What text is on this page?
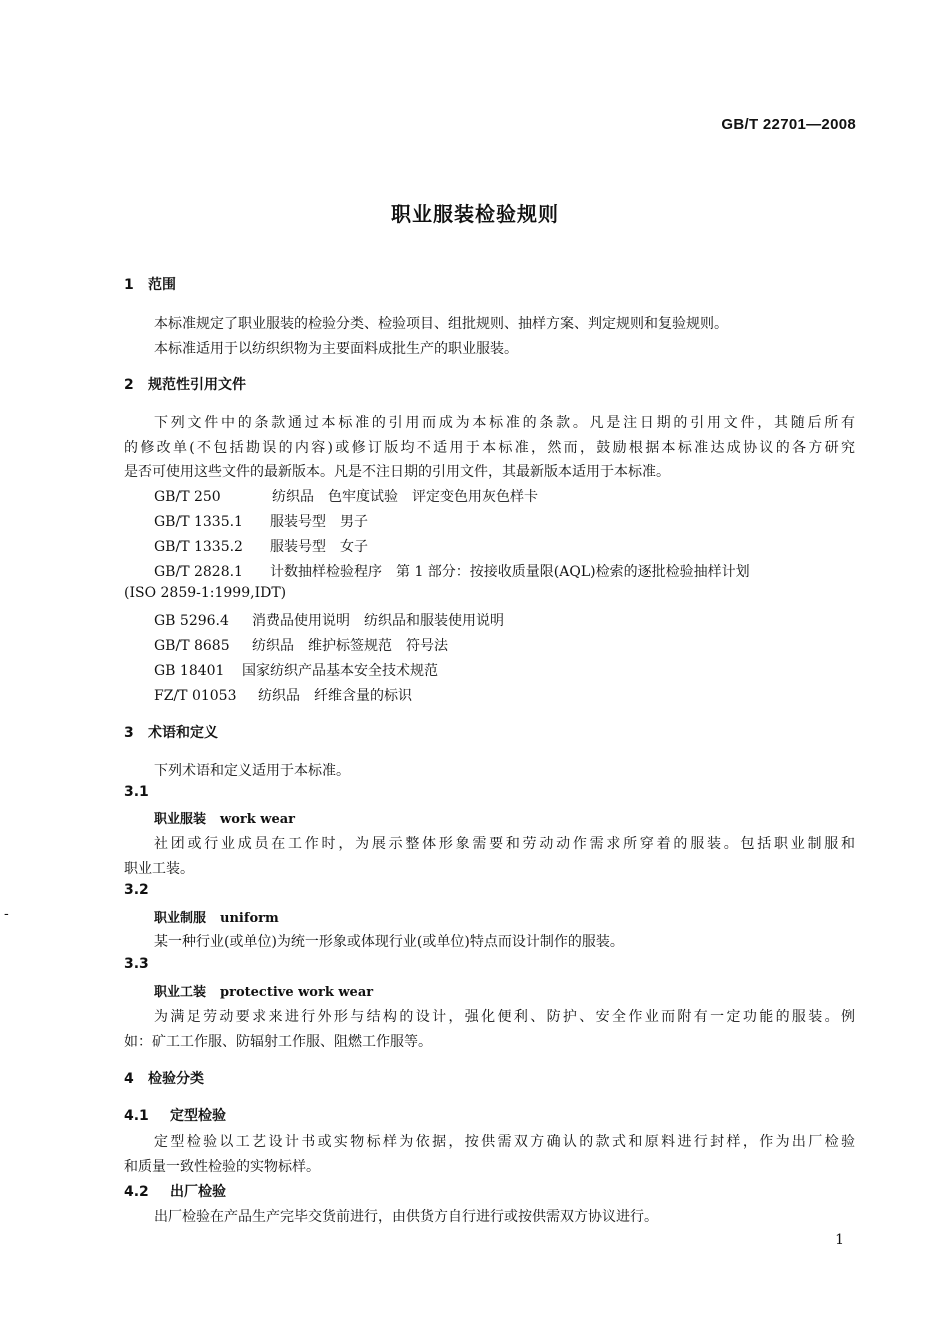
GB/T 22701—2008
职业服装检验规则
1 范围
本标准规定了职业服装的检验分类、检验项目、组批规则、抽样方案、判定规则和复验规则。
本标准适用于以纺织织物为主要面料成批生产的职业服装。
2 规范性引用文件
下列文件中的条款通过本标准的引用而成为本标准的条款。凡是注日期的引用文件，其随后所有
的修改单(不包括勘误的内容)或修订版均不适用于本标准，然而，鼓励根据本标准达成协议的各方研究
是否可使用这些文件的最新版本。凡是不注日期的引用文件，其最新版本适用于本标准。
GB/T 250	纺织品　色牢度试验　评定变色用灰色样卡
GB/T 1335.1 服装号型　男子
GB/T 1335.2 服装号型　女子
GB/T 2828.1 计数抽样检验程序　第 1 部分：按接收质量限(AQL)检索的逐批检验抽样计划
(ISO 2859-1:1999,IDT)
GB 5296.4 消费品使用说明　纺织品和服装使用说明
GB/T 8685 纺织品　维护标签规范　符号法
GB 18401 国家纺织产品基本安全技术规范
FZ/T 01053 纺织品　纤维含量的标识
3 术语和定义
下列术语和定义适用于本标准。
3.1
职业服装 work wear
社团或行业成员在工作时，为展示整体形象需要和劳动动作需求所穿着的服装。包括职业制服和
职业工装。
3.2
职业制服 uniform
某一种行业(或单位)为统一形象或体现行业(或单位)特点而设计制作的服装。
3.3
职业工装 protective work wear
为满足劳动要求来进行外形与结构的设计，强化便利、防护、安全作业而附有一定功能的服装。例
如：矿工工作服、防辐射工作服、阻燃工作服等。
4 检验分类
4.1 定型检验
定型检验以工艺设计书或实物标样为依据，按供需双方确认的款式和原料进行封样，作为出厂检验
和质量一致性检验的实物标样。
4.2 出厂检验
出厂检验在产品生产完毕交货前进行，由供货方自行进行或按供需双方协议进行。
1
-
